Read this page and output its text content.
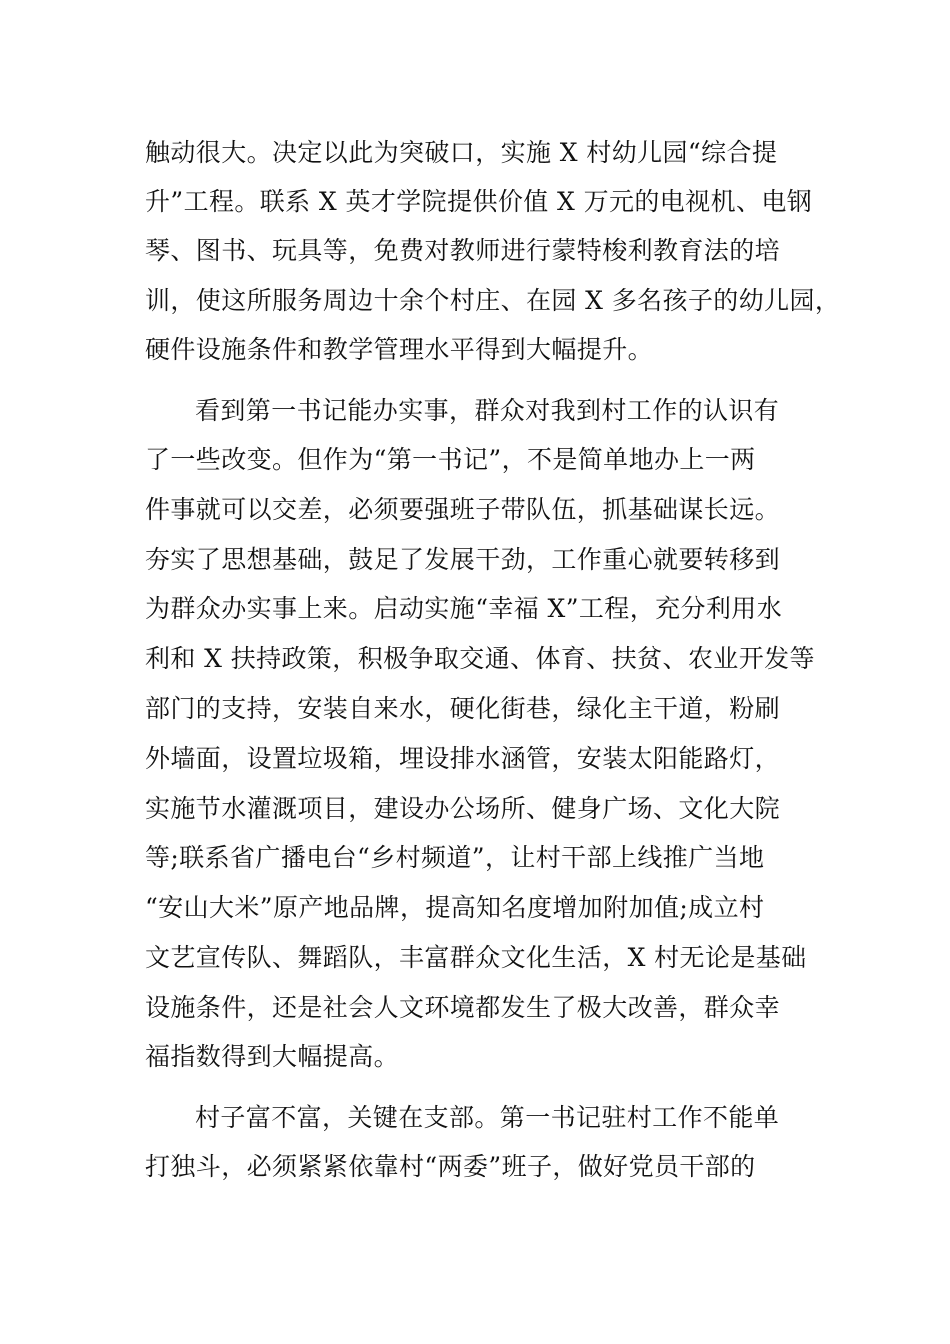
触动很大。决定以此为突破口，实施 X 村幼儿园“综合提
升”工程。联系 X 英才学院提供价值 X 万元的电视机、电钢
琴、图书、玩具等，免费对教师进行蒙特梭利教育法的培
训，使这所服务周边十余个村庄、在园 X 多名孩子的幼儿园，
硬件设施条件和教学管理水平得到大幅提升。
看到第一书记能办实事，群众对我到村工作的认识有
了一些改变。但作为“第一书记”，不是简单地办上一两
件事就可以交差，必须要强班子带队伍，抓基础谋长远。
夯实了思想基础，鼓足了发展干劲，工作重心就要转移到
为群众办实事上来。启动实施“幸福 X”工程，充分利用水
利和 X 扶持政策，积极争取交通、体育、扶贫、农业开发等
部门的支持，安装自来水，硬化街巷，绿化主干道，粉刷
外墙面，设置垃圾箱，埋设排水涵管，安装太阳能路灯，
实施节水灌溉项目，建设办公场所、健身广场、文化大院
等;联系省广播电台“乡村频道”，让村干部上线推广当地
“安山大米”原产地品牌，提高知名度增加附加值;成立村
文艺宣传队、舞蹈队，丰富群众文化生活，X 村无论是基础
设施条件，还是社会人文环境都发生了极大改善，群众幸
福指数得到大幅提高。
村子富不富，关键在支部。第一书记驻村工作不能单
打独斗，必须紧紧依靠村“两委”班子，做好党员干部的
